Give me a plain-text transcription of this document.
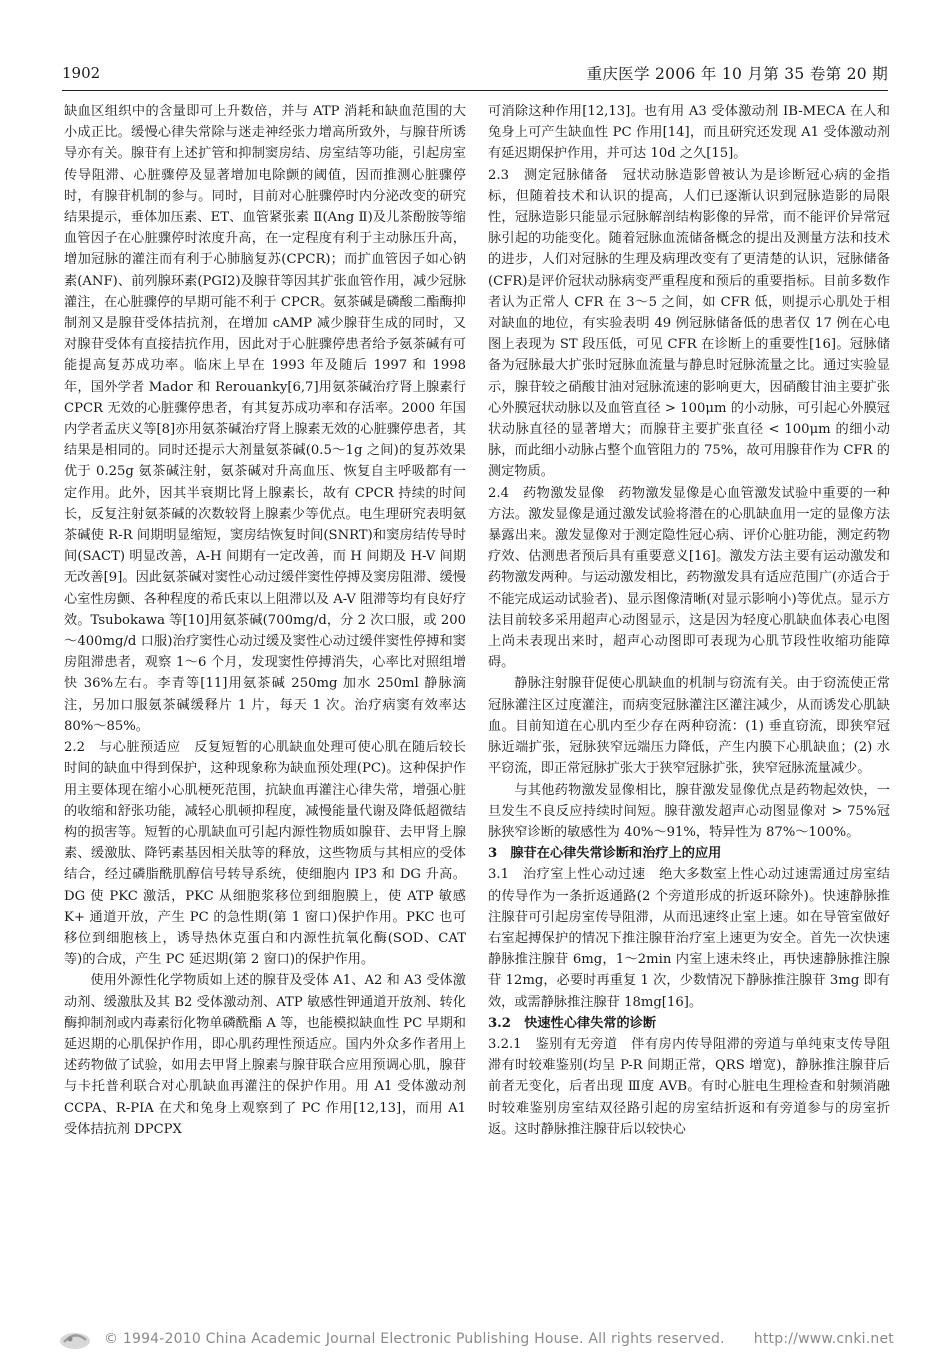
1902	重庆医学 2006 年 10 月第 35 卷第 20 期

缺血区组织中的含量即可上升数倍，并与 ATP 消耗和缺血范围的大小成正比。缓慢心律失常除与迷走神经张力增高所致外，与腺苷所诱导亦有关。腺苷有上述扩管和抑制窦房结、房室结等功能，引起房室传导阻滞、心脏骤停及显著增加电除颤的阈值，因而推测心脏骤停时，有腺苷机制的参与。同时，目前对心脏骤停时内分泌改变的研究结果提示，垂体加压素、ET、血管紧张素 Ⅱ(Ang Ⅱ)及儿茶酚胺等缩血管因子在心脏骤停时浓度升高，在一定程度有利于主动脉压升高，增加冠脉的灌注而有利于心肺脑复苏(CPCR)；而扩血管因子如心钠素(ANF)、前列腺环素(PGI2)及腺苷等因其扩张血管作用，减少冠脉灌注，在心脏骤停的早期可能不利于 CPCR。氨茶碱是磷酸二酯酶抑制剂又是腺苷受体拮抗剂，在增加 cAMP 减少腺苷生成的同时，又对腺苷受体有直接拮抗作用，因此对于心脏骤停患者给予氨茶碱有可能提高复苏成功率。临床上早在 1993 年及随后 1997 和 1998 年，国外学者 Mador 和 Rerouanky[6,7]用氨茶碱治疗肾上腺素行 CPCR 无效的心脏骤停患者，有其复苏成功率和存活率。2000 年国内学者孟庆义等[8]亦用氨茶碱治疗肾上腺素无效的心脏骤停患者，其结果是相同的。同时还提示大剂量氨茶碱(0.5～1g 之间)的复苏效果优于 0.25g 氨茶碱注射，氨茶碱对升高血压、恢复自主呼吸都有一定作用。此外，因其半衰期比肾上腺素长，故有 CPCR 持续的时间长，反复注射氨茶碱的次数较肾上腺素少等优点。电生理研究表明氨茶碱使 R-R 间期明显缩短，窦房结恢复时间(SNRT)和窦房结传导时间(SACT) 明显改善，A-H 间期有一定改善，而 H 间期及 H-V 间期无改善[9]。因此氨茶碱对窦性心动过缓伴窦性停搏及窦房阻滞、缓慢心室性房颤、各种程度的希氏束以上阻滞以及 A-V 阻滞等均有良好疗效。Tsubokawa 等[10]用氨茶碱(700mg/d，分 2 次口服，或 200～400mg/d 口服)治疗窦性心动过缓及窦性心动过缓伴窦性停搏和窦房阻滞患者，观察 1～6 个月，发现窦性停搏消失，心率比对照组增快 36%左右。李青等[11]用氨茶碱 250mg 加水 250ml 静脉滴注，另加口服氨茶碱缓释片 1 片，每天 1 次。治疗病窦有效率达 80%～85%。

2.2　与心脏预适应　反复短暂的心肌缺血处理可使心肌在随后较长时间的缺血中得到保护，这种现象称为缺血预处理(PC)。这种保护作用主要体现在缩小心肌梗死范围，抗缺血再灌注心律失常，增强心脏的收缩和舒张功能，减轻心肌顿抑程度，减慢能量代谢及降低超微结构的损害等。短暂的心肌缺血可引起内源性物质如腺苷、去甲肾上腺素、缓激肽、降钙素基因相关肽等的释放，这些物质与其相应的受体结合，经过磷脂酰肌醇信号转导系统，使细胞内 IP3 和 DG 升高。DG 使 PKC 激活，PKC 从细胞浆移位到细胞膜上，使 ATP 敏感 K+ 通道开放，产生 PC 的急性期(第 1 窗口)保护作用。PKC 也可移位到细胞核上，诱导热休克蛋白和内源性抗氧化酶(SOD、CAT 等)的合成，产生 PC 延迟期(第 2 窗口)的保护作用。

使用外源性化学物质如上述的腺苷及受体 A1、A2 和 A3 受体激动剂、缓激肽及其 B2 受体激动剂、ATP 敏感性钾通道开放剂、转化酶抑制剂或内毒素衍化物单磷酰酯 A 等，也能模拟缺血性 PC 早期和延迟期的心肌保护作用，即心肌药理性预适应。国内外众多作者用上述药物做了试验，如用去甲肾上腺素与腺苷联合应用预调心肌，腺苷与卡托普利联合对心肌缺血再灌注的保护作用。用 A1 受体激动剂 CCPA、R-PIA 在犬和兔身上观察到了 PC 作用[12,13]，而用 A1 受体拮抗剂 DPCPX

可消除这种作用[12,13]。也有用 A3 受体激动剂 IB-MECA 在人和兔身上可产生缺血性 PC 作用[14]，而且研究还发现 A1 受体激动剂有延迟期保护作用，并可达 10d 之久[15]。

2.3　测定冠脉储备　冠状动脉造影曾被认为是诊断冠心病的金指标，但随着技术和认识的提高，人们已逐渐认识到冠脉造影的局限性，冠脉造影只能显示冠脉解剖结构影像的异常，而不能评价异常冠脉引起的功能变化。随着冠脉血流储备概念的提出及测量方法和技术的进步，人们对冠脉的生理及病理改变有了更清楚的认识，冠脉储备(CFR)是评价冠状动脉病变严重程度和预后的重要指标。目前多数作者认为正常人 CFR 在 3～5 之间，如 CFR 低，则提示心肌处于相对缺血的地位，有实验表明 49 例冠脉储备低的患者仅 17 例在心电图上表现为 ST 段压低，可见 CFR 在诊断上的重要性[16]。冠脉储备为冠脉最大扩张时冠脉血流量与静息时冠脉流量之比。通过实验显示，腺苷较之硝酸甘油对冠脉流速的影响更大，因硝酸甘油主要扩张心外膜冠状动脉以及血管直径 > 100μm 的小动脉，可引起心外膜冠状动脉直径的显著增大；而腺苷主要扩张直径 < 100μm 的细小动脉，而此细小动脉占整个血管阻力的 75%，故可用腺苷作为 CFR 的测定物质。

2.4　药物激发显像　药物激发显像是心血管激发试验中重要的一种方法。激发显像是通过激发试验将潜在的心肌缺血用一定的显像方法暴露出来。激发显像对于测定隐性冠心病、评价心脏功能，测定药物疗效、估测患者预后具有重要意义[16]。激发方法主要有运动激发和药物激发两种。与运动激发相比，药物激发具有适应范围广(亦适合于不能完成运动试验者)、显示图像清晰(对显示影响小)等优点。显示方法目前较多采用超声心动图显示，这是因为轻度心肌缺血体表心电图上尚未表现出来时，超声心动图即可表现为心肌节段性收缩功能障碍。

静脉注射腺苷促使心肌缺血的机制与窃流有关。由于窃流使正常冠脉灌注区过度灌注，而病变冠脉灌注区灌注减少，从而诱发心肌缺血。目前知道在心肌内至少存在两种窃流：(1) 垂直窃流，即狭窄冠脉近端扩张，冠脉狭窄远端压力降低，产生内膜下心肌缺血；(2) 水平窃流，即正常冠脉扩张大于狭窄冠脉扩张，狭窄冠脉流量减少。

与其他药物激发显像相比，腺苷激发显像优点是药物起效快，一旦发生不良反应持续时间短。腺苷激发超声心动图显像对 > 75%冠脉狭窄诊断的敏感性为 40%～91%，特异性为 87%～100%。

3　腺苷在心律失常诊断和治疗上的应用

3.1　治疗室上性心动过速　绝大多数室上性心动过速需通过房室结的传导作为一条折返通路(2 个旁道形成的折返环除外)。快速静脉推注腺苷可引起房室传导阻滞，从而迅速终止室上速。如在导管室做好右室起搏保护的情况下推注腺苷治疗室上速更为安全。首先一次快速静脉推注腺苷 6mg，1～2min 内室上速未终止，再快速静脉推注腺苷 12mg，必要时再重复 1 次，少数情况下静脉推注腺苷 3mg 即有效，或需静脉推注腺苷 18mg[16]。

3.2　快速性心律失常的诊断

3.2.1　鉴别有无旁道　伴有房内传导阻滞的旁道与单纯束支传导阻滞有时较难鉴别(均呈 P-R 间期正常，QRS 增宽)，静脉推注腺苷后前者无变化，后者出现 Ⅲ度 AVB。有时心脏电生理检查和射频消融时较难鉴别房室结双径路引起的房室结折返和有旁道参与的房室折返。这时静脉推注腺苷后以较快心

© 1994-2010 China Academic Journal Electronic Publishing House. All rights reserved. http://www.cnki.net
